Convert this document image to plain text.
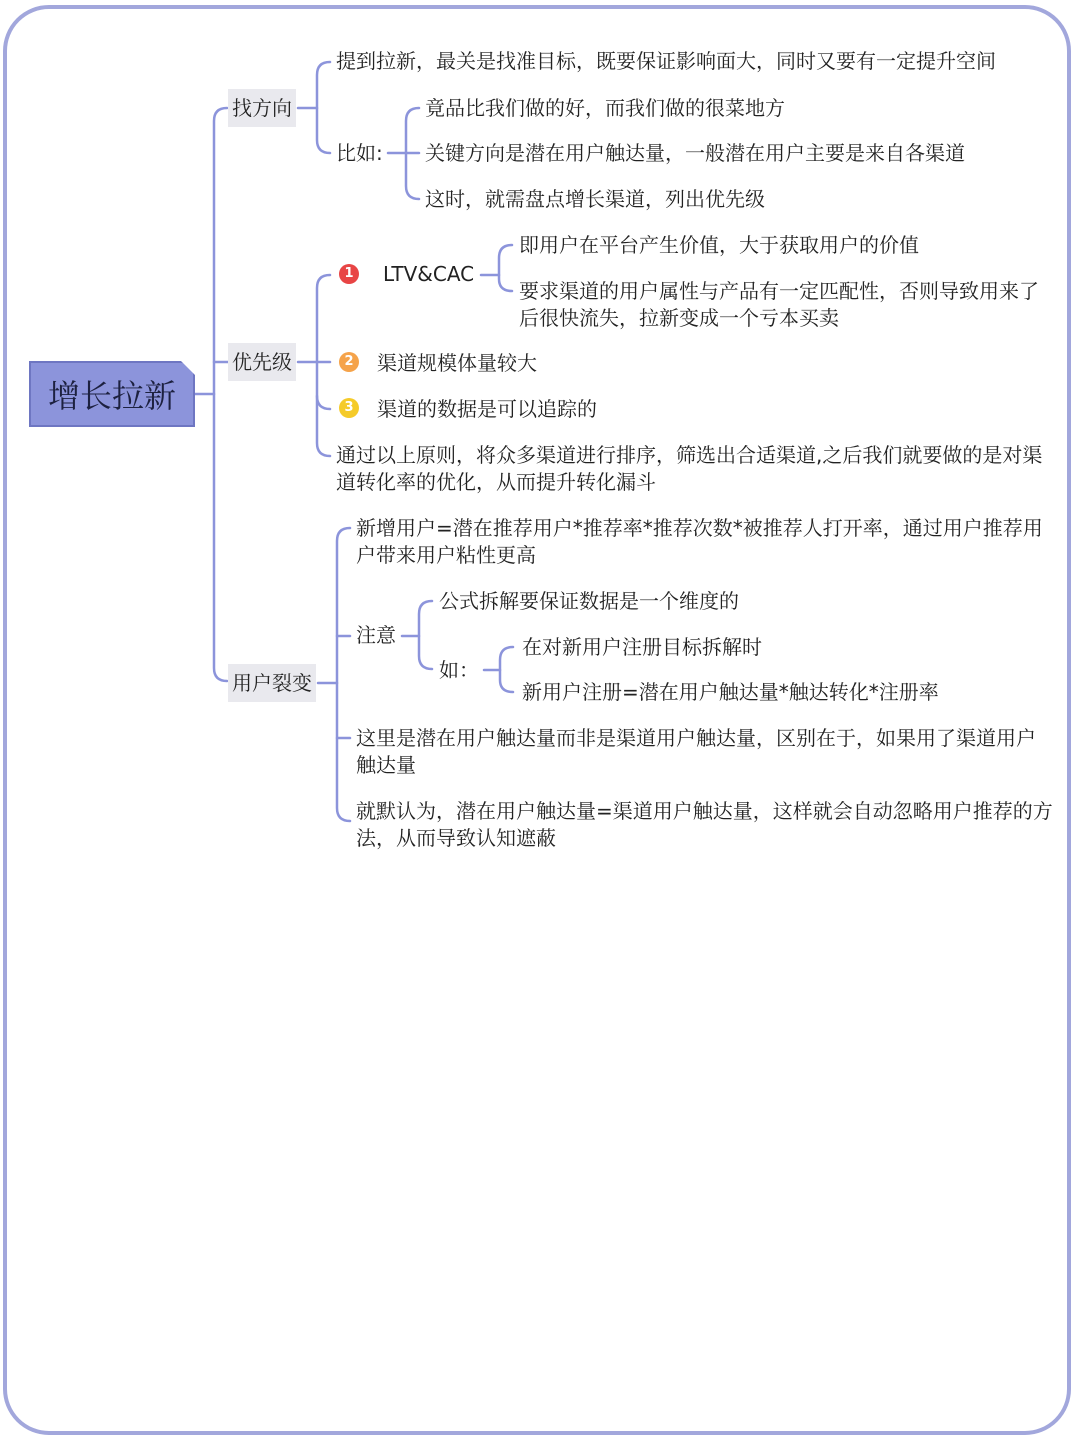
增长拉新
找方向
提到拉新，最关是找准目标，既要保证影响面大，同时又要有一定提升空间
比如:
竟品比我们做的好，而我们做的很菜地方
关键方向是潜在用户触达量，一般潜在用户主要是来自各渠道
这时，就需盘点增长渠道，列出优先级
优先级
1 LTV&CAC
即用户在平台产生价值，大于获取用户的价值
要求渠道的用户属性与产品有一定匹配性，否则导致用来了后很快流失，拉新变成一个亏本买卖
2 渠道规模体量较大
3 渠道的数据是可以追踪的
通过以上原则，将众多渠道进行排序，筛选出合适渠道,之后我们就要做的是对渠道转化率的优化，从而提升转化漏斗
用户裂变
新增用户=潜在推荐用户*推荐率*推荐次数*被推荐人打开率，通过用户推荐用户带来用户粘性更高
注意
公式拆解要保证数据是一个维度的
如：
在对新用户注册目标拆解时
新用户注册=潜在用户触达量*触达转化*注册率
这里是潜在用户触达量而非是渠道用户触达量，区别在于，如果用了渠道用户触达量
就默认为，潜在用户触达量=渠道用户触达量，这样就会自动忽略用户推荐的方法，从而导致认知遮蔽
